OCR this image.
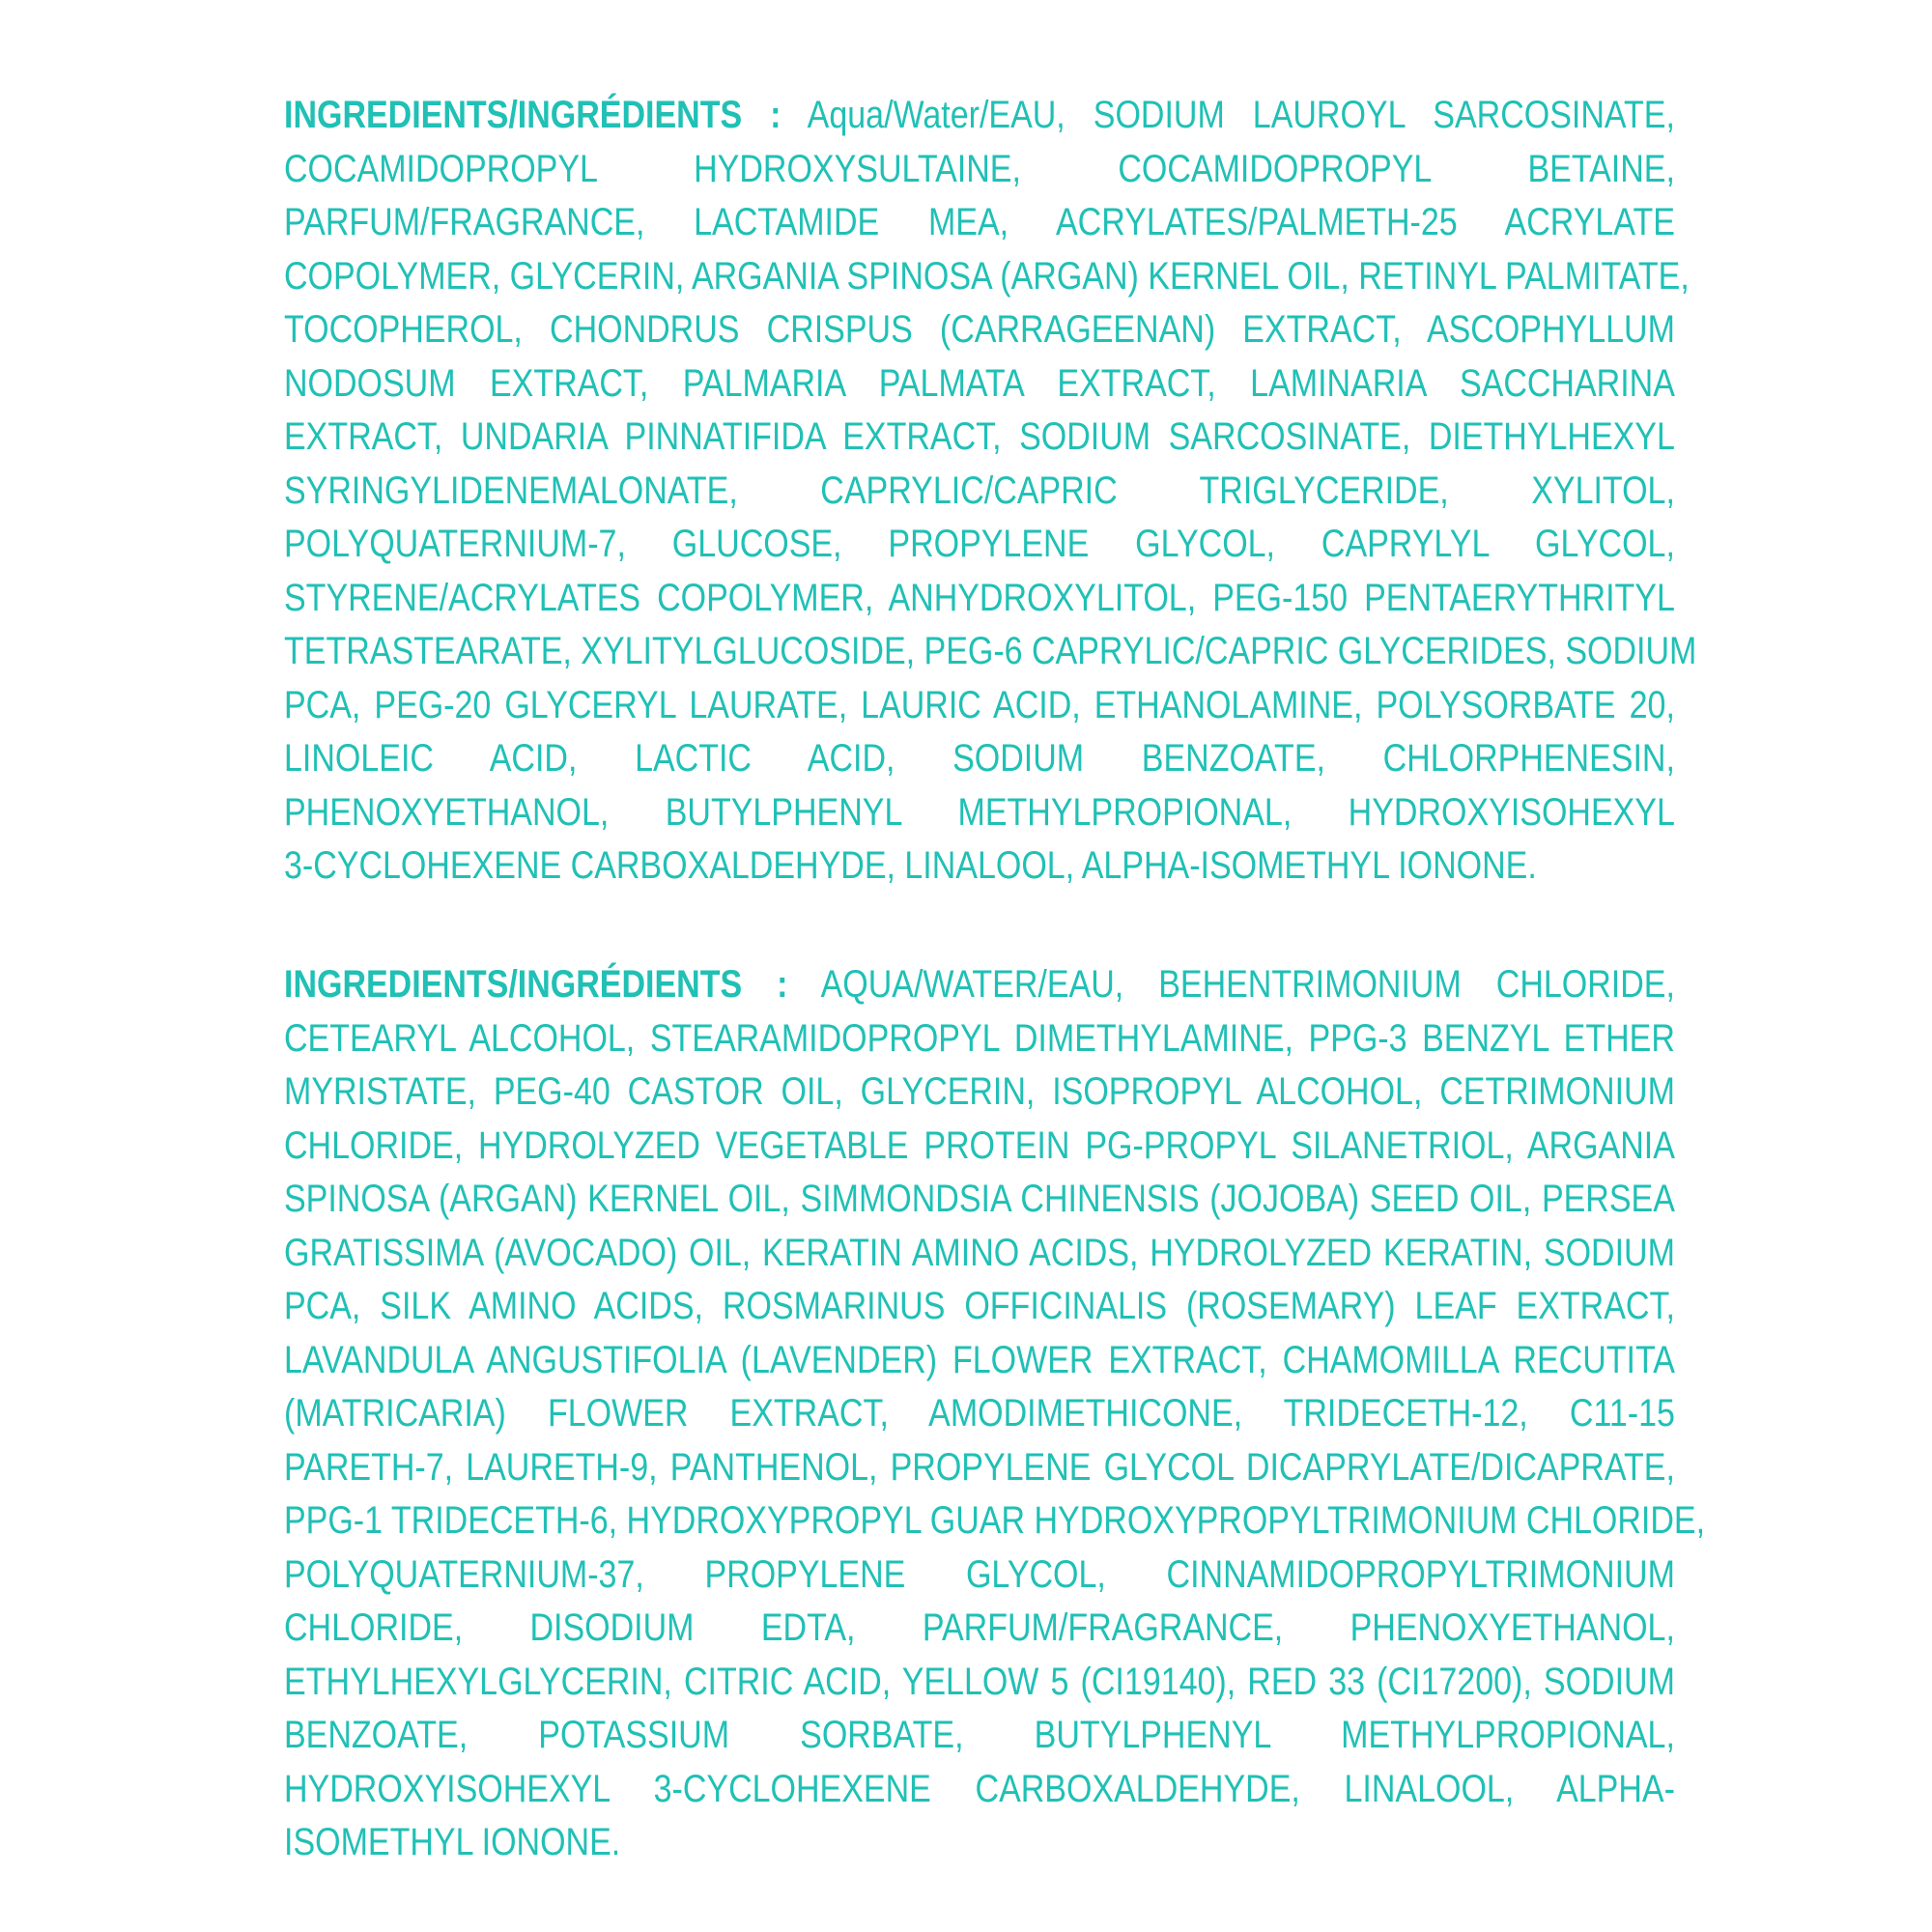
INGREDIENTS/INGRÉDIENTS : Aqua/Water/EAU, SODIUM LAUROYL SARCOSINATE,
COCAMIDOPROPYL HYDROXYSULTAINE, COCAMIDOPROPYL BETAINE,
PARFUM/FRAGRANCE, LACTAMIDE MEA, ACRYLATES/PALMETH-25 ACRYLATE
COPOLYMER, GLYCERIN, ARGANIA SPINOSA (ARGAN) KERNEL OIL, RETINYL PALMITATE,
TOCOPHEROL, CHONDRUS CRISPUS (CARRAGEENAN) EXTRACT, ASCOPHYLLUM
NODOSUM EXTRACT, PALMARIA PALMATA EXTRACT, LAMINARIA SACCHARINA
EXTRACT, UNDARIA PINNATIFIDA EXTRACT, SODIUM SARCOSINATE, DIETHYLHEXYL
SYRINGYLIDENEMALONATE, CAPRYLIC/CAPRIC TRIGLYCERIDE, XYLITOL,
POLYQUATERNIUM-7, GLUCOSE, PROPYLENE GLYCOL, CAPRYLYL GLYCOL,
STYRENE/ACRYLATES COPOLYMER, ANHYDROXYLITOL, PEG-150 PENTAERYTHRITYL
TETRASTEARATE, XYLITYLGLUCOSIDE, PEG-6 CAPRYLIC/CAPRIC GLYCERIDES, SODIUM
PCA, PEG-20 GLYCERYL LAURATE, LAURIC ACID, ETHANOLAMINE, POLYSORBATE 20,
LINOLEIC ACID, LACTIC ACID, SODIUM BENZOATE, CHLORPHENESIN,
PHENOXYETHANOL, BUTYLPHENYL METHYLPROPIONAL, HYDROXYISOHEXYL
3-CYCLOHEXENE CARBOXALDEHYDE, LINALOOL, ALPHA-ISOMETHYL IONONE.
INGREDIENTS/INGRÉDIENTS : AQUA/WATER/EAU, BEHENTRIMONIUM CHLORIDE,
CETEARYL ALCOHOL, STEARAMIDOPROPYL DIMETHYLAMINE, PPG-3 BENZYL ETHER
MYRISTATE, PEG-40 CASTOR OIL, GLYCERIN, ISOPROPYL ALCOHOL, CETRIMONIUM
CHLORIDE, HYDROLYZED VEGETABLE PROTEIN PG-PROPYL SILANETRIOL, ARGANIA
SPINOSA (ARGAN) KERNEL OIL, SIMMONDSIA CHINENSIS (JOJOBA) SEED OIL, PERSEA
GRATISSIMA (AVOCADO) OIL, KERATIN AMINO ACIDS, HYDROLYZED KERATIN, SODIUM
PCA, SILK AMINO ACIDS, ROSMARINUS OFFICINALIS (ROSEMARY) LEAF EXTRACT,
LAVANDULA ANGUSTIFOLIA (LAVENDER) FLOWER EXTRACT, CHAMOMILLA RECUTITA
(MATRICARIA) FLOWER EXTRACT, AMODIMETHICONE, TRIDECETH-12, C11-15
PARETH-7, LAURETH-9, PANTHENOL, PROPYLENE GLYCOL DICAPRYLATE/DICAPRATE,
PPG-1 TRIDECETH-6, HYDROXYPROPYL GUAR HYDROXYPROPYLTRIMONIUM CHLORIDE,
POLYQUATERNIUM-37, PROPYLENE GLYCOL, CINNAMIDOPROPYLTRIMONIUM
CHLORIDE, DISODIUM EDTA, PARFUM/FRAGRANCE, PHENOXYETHANOL,
ETHYLHEXYLGLYCERIN, CITRIC ACID, YELLOW 5 (CI19140), RED 33 (CI17200), SODIUM
BENZOATE, POTASSIUM SORBATE, BUTYLPHENYL METHYLPROPIONAL,
HYDROXYISOHEXYL 3-CYCLOHEXENE CARBOXALDEHYDE, LINALOOL, ALPHA-
ISOMETHYL IONONE.
